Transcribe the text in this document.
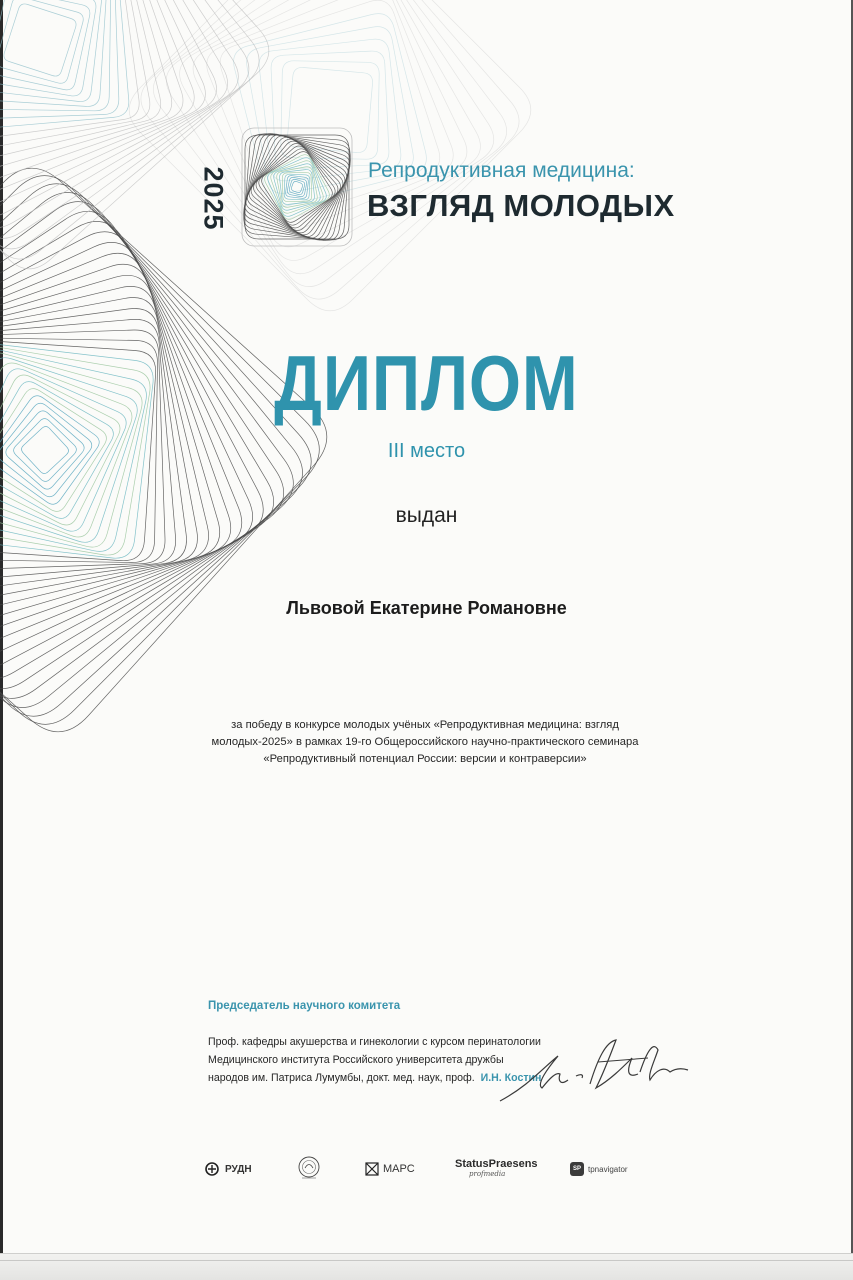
2025	Репродуктивная медицина:
ВЗГЛЯД МОЛОДЫХ
ДИПЛОМ
III место
выдан
Львовой Екатерине Романовне
за победу в конкурсе молодых учёных «Репродуктивная медицина: взгляд
молодых-2025» в рамках 19-го Общероссийского научно-практического семинара
«Репродуктивный потенциал России: версии и контраверсии»
Председатель научного комитета
Проф. кафедры акушерства и гинекологии с курсом перинатологии
Медицинского института Российского университета дружбы
народов им. Патриса Лумумбы, докт. мед. наук, проф. И.Н. Костин
РУДН	МАРС	StatusPraesens
profmedia
SP tpnavigator
